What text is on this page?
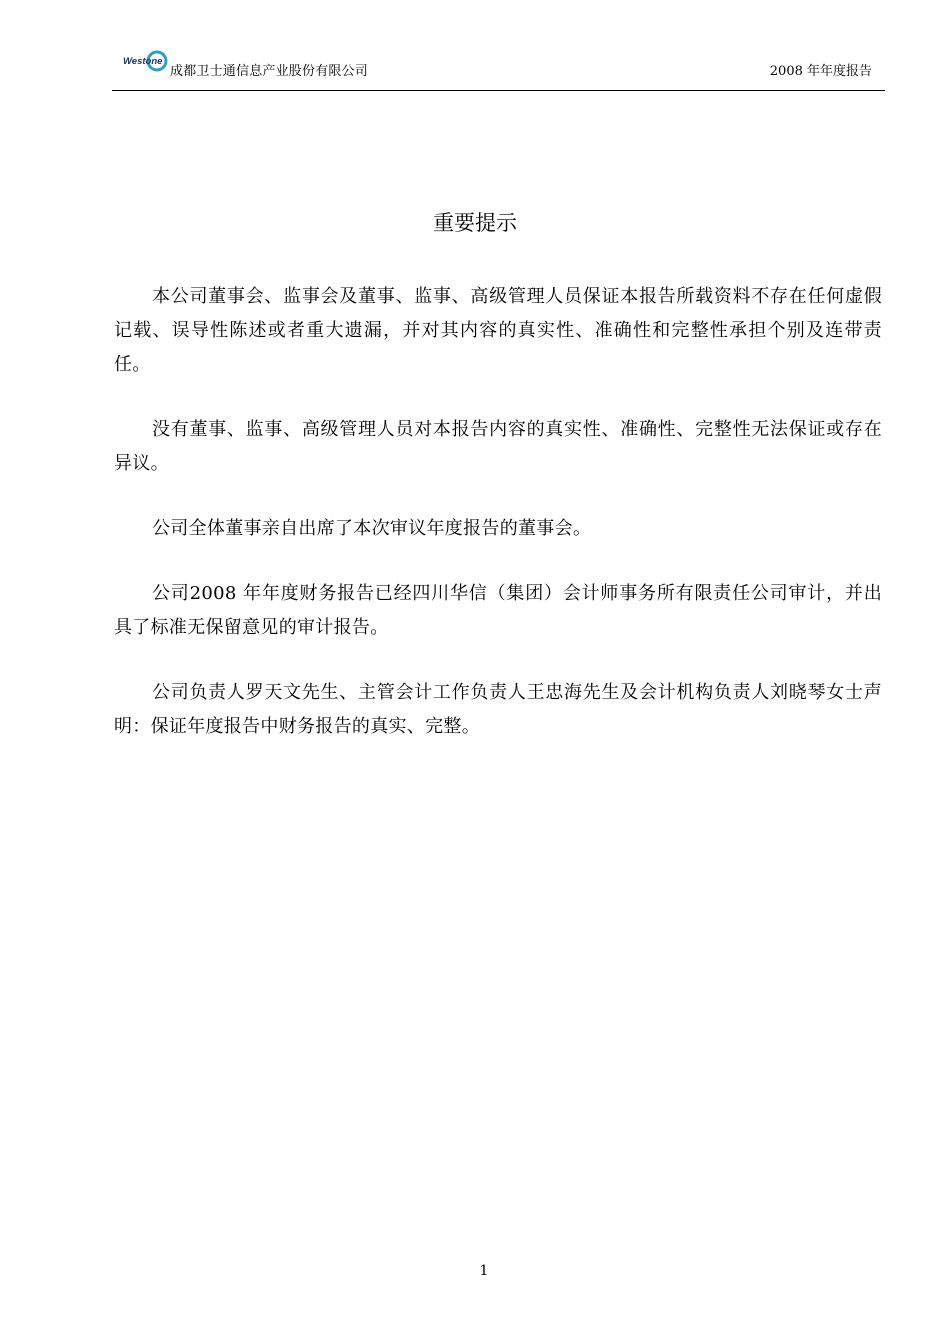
Westone
成都卫士通信息产业股份有限公司	2008 年年度报告
重要提示

本公司董事会、监事会及董事、监事、高级管理人员保证本报告所载资料不存在任何虚假记载、误导性陈述或者重大遗漏，并对其内容的真实性、准确性和完整性承担个别及连带责任。

没有董事、监事、高级管理人员对本报告内容的真实性、准确性、完整性无法保证或存在异议。

公司全体董事亲自出席了本次审议年度报告的董事会。

公司2008 年年度财务报告已经四川华信（集团）会计师事务所有限责任公司审计，并出具了标准无保留意见的审计报告。

公司负责人罗天文先生、主管会计工作负责人王忠海先生及会计机构负责人刘晓琴女士声明：保证年度报告中财务报告的真实、完整。

1
